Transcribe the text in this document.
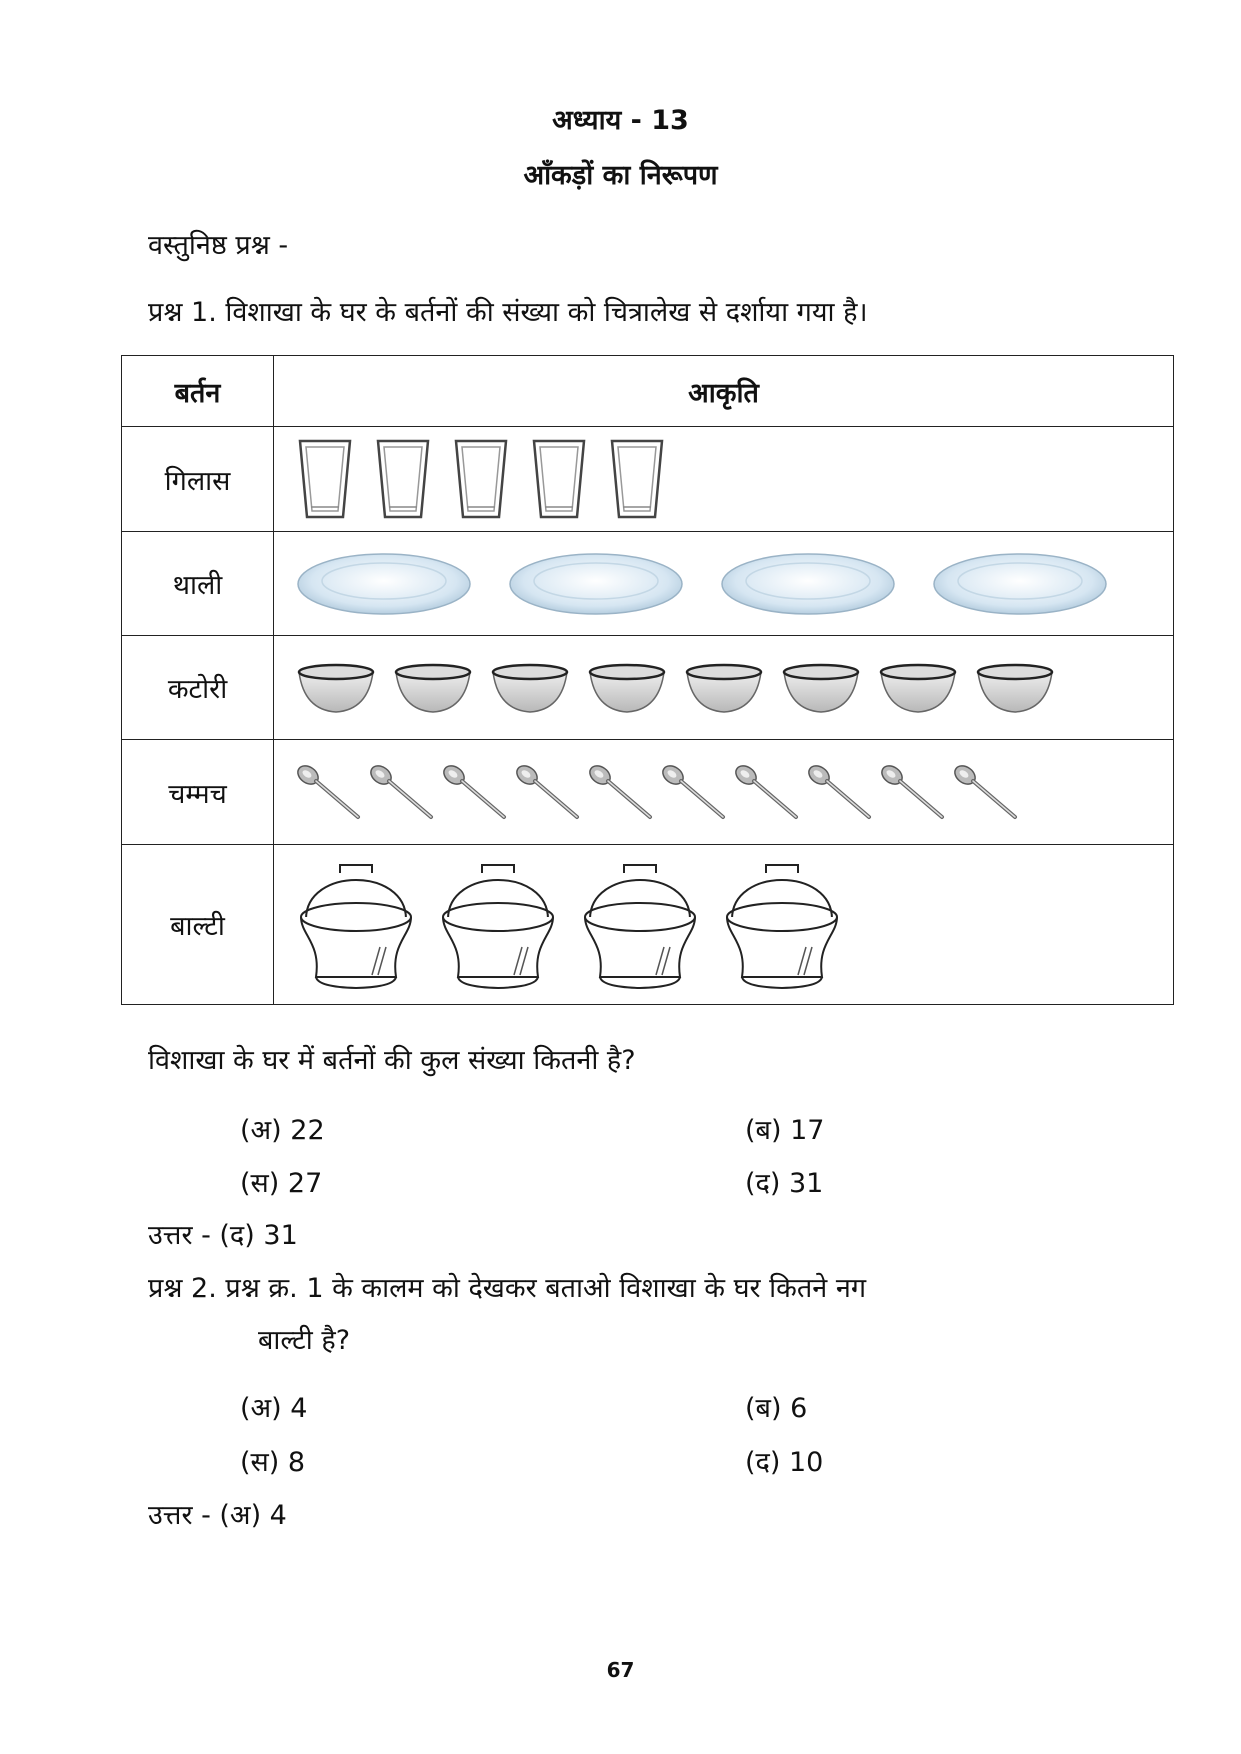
अध्याय - 13
आँकड़ों का निरूपण
वस्तुनिष्ठ प्रश्न -
प्रश्न 1. विशाखा के घर के बर्तनों की संख्या को चित्रालेख से दर्शाया गया है।
बर्तन	आकृति
गिलास	
थाली	
कटोरी	
चम्मच	
बाल्टी	
विशाखा के घर में बर्तनों की कुल संख्या कितनी है?
(अ) 22	(ब) 17
(स) 27	(द) 31
उत्तर - (द) 31
प्रश्न 2. प्रश्न क्र. 1 के कालम को देखकर बताओ विशाखा के घर कितने नग
बाल्टी है?
(अ) 4	(ब) 6
(स) 8	(द) 10
उत्तर - (अ) 4
67
